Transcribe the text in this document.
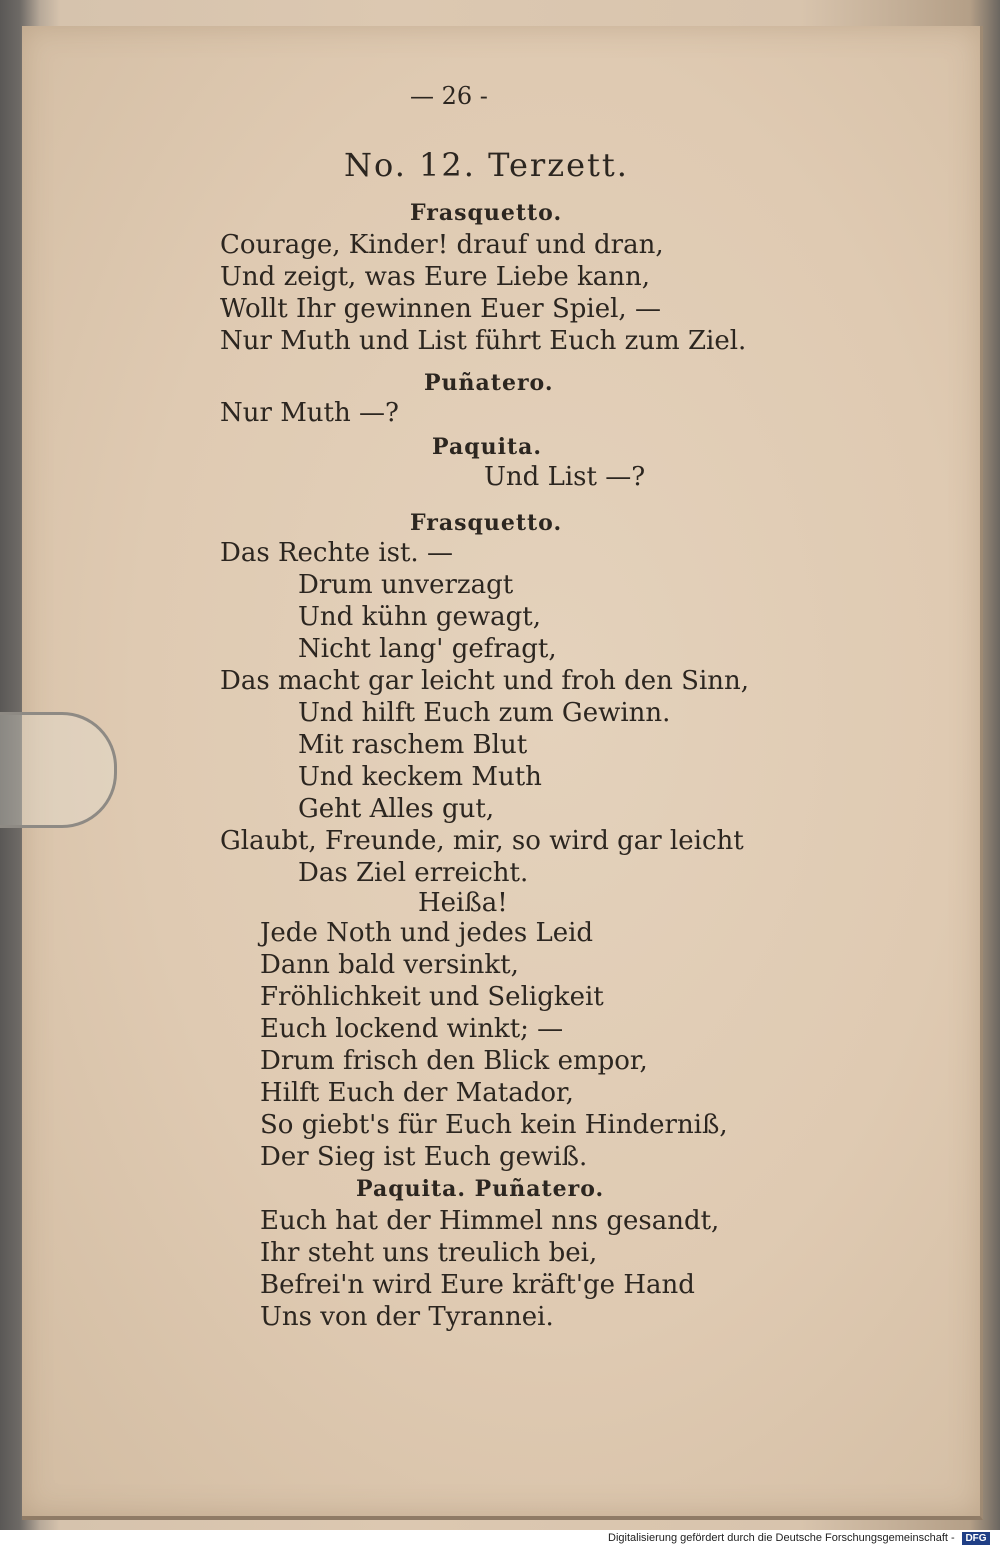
— 26 -
No. 12. Terzett.
Frasquetto.
Courage, Kinder! drauf und dran,
Und zeigt, was Eure Liebe kann,
Wollt Ihr gewinnen Euer Spiel, —
Nur Muth und List führt Euch zum Ziel.
Puñatero.
Nur Muth —?
Paquita.
Und List —?
Frasquetto.
Das Rechte ist. —
Drum unverzagt
Und kühn gewagt,
Nicht lang' gefragt,
Das macht gar leicht und froh den Sinn,
Und hilft Euch zum Gewinn.
Mit raschem Blut
Und keckem Muth
Geht Alles gut,
Glaubt, Freunde, mir, so wird gar leicht
Das Ziel erreicht.
Heißa!
Jede Noth und jedes Leid
Dann bald versinkt,
Fröhlichkeit und Seligkeit
Euch lockend winkt; —
Drum frisch den Blick empor,
Hilft Euch der Matador,
So giebt's für Euch kein Hinderniß,
Der Sieg ist Euch gewiß.
Paquita. Puñatero.
Euch hat der Himmel nns gesandt,
Ihr steht uns treulich bei,
Befrei'n wird Eure kräft'ge Hand
Uns von der Tyrannei.
Digitalisierung gefördert durch die Deutsche Forschungsgemeinschaft -	DFG
